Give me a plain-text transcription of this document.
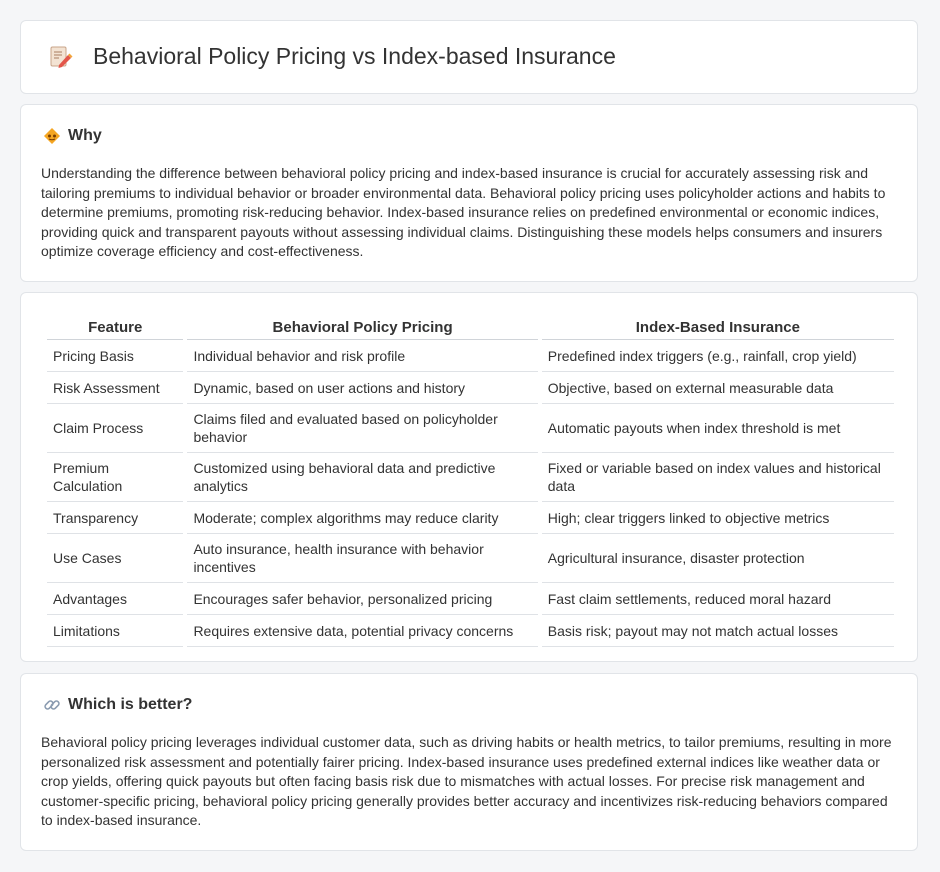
Behavioral Policy Pricing vs Index-based Insurance
Why
Understanding the difference between behavioral policy pricing and index-based insurance is crucial for accurately assessing risk and tailoring premiums to individual behavior or broader environmental data. Behavioral policy pricing uses policyholder actions and habits to determine premiums, promoting risk-reducing behavior. Index-based insurance relies on predefined environmental or economic indices, providing quick and transparent payouts without assessing individual claims. Distinguishing these models helps consumers and insurers optimize coverage efficiency and cost-effectiveness.
Feature	Behavioral Policy Pricing	Index-Based Insurance
Pricing Basis	Individual behavior and risk profile	Predefined index triggers (e.g., rainfall, crop yield)
Risk Assessment	Dynamic, based on user actions and history	Objective, based on external measurable data
Claim Process	Claims filed and evaluated based on policyholder behavior	Automatic payouts when index threshold is met
Premium Calculation	Customized using behavioral data and predictive analytics	Fixed or variable based on index values and historical data
Transparency	Moderate; complex algorithms may reduce clarity	High; clear triggers linked to objective metrics
Use Cases	Auto insurance, health insurance with behavior incentives	Agricultural insurance, disaster protection
Advantages	Encourages safer behavior, personalized pricing	Fast claim settlements, reduced moral hazard
Limitations	Requires extensive data, potential privacy concerns	Basis risk; payout may not match actual losses
Which is better?
Behavioral policy pricing leverages individual customer data, such as driving habits or health metrics, to tailor premiums, resulting in more personalized risk assessment and potentially fairer pricing. Index-based insurance uses predefined external indices like weather data or crop yields, offering quick payouts but often facing basis risk due to mismatches with actual losses. For precise risk management and customer-specific pricing, behavioral policy pricing generally provides better accuracy and incentivizes risk-reducing behaviors compared to index-based insurance.
